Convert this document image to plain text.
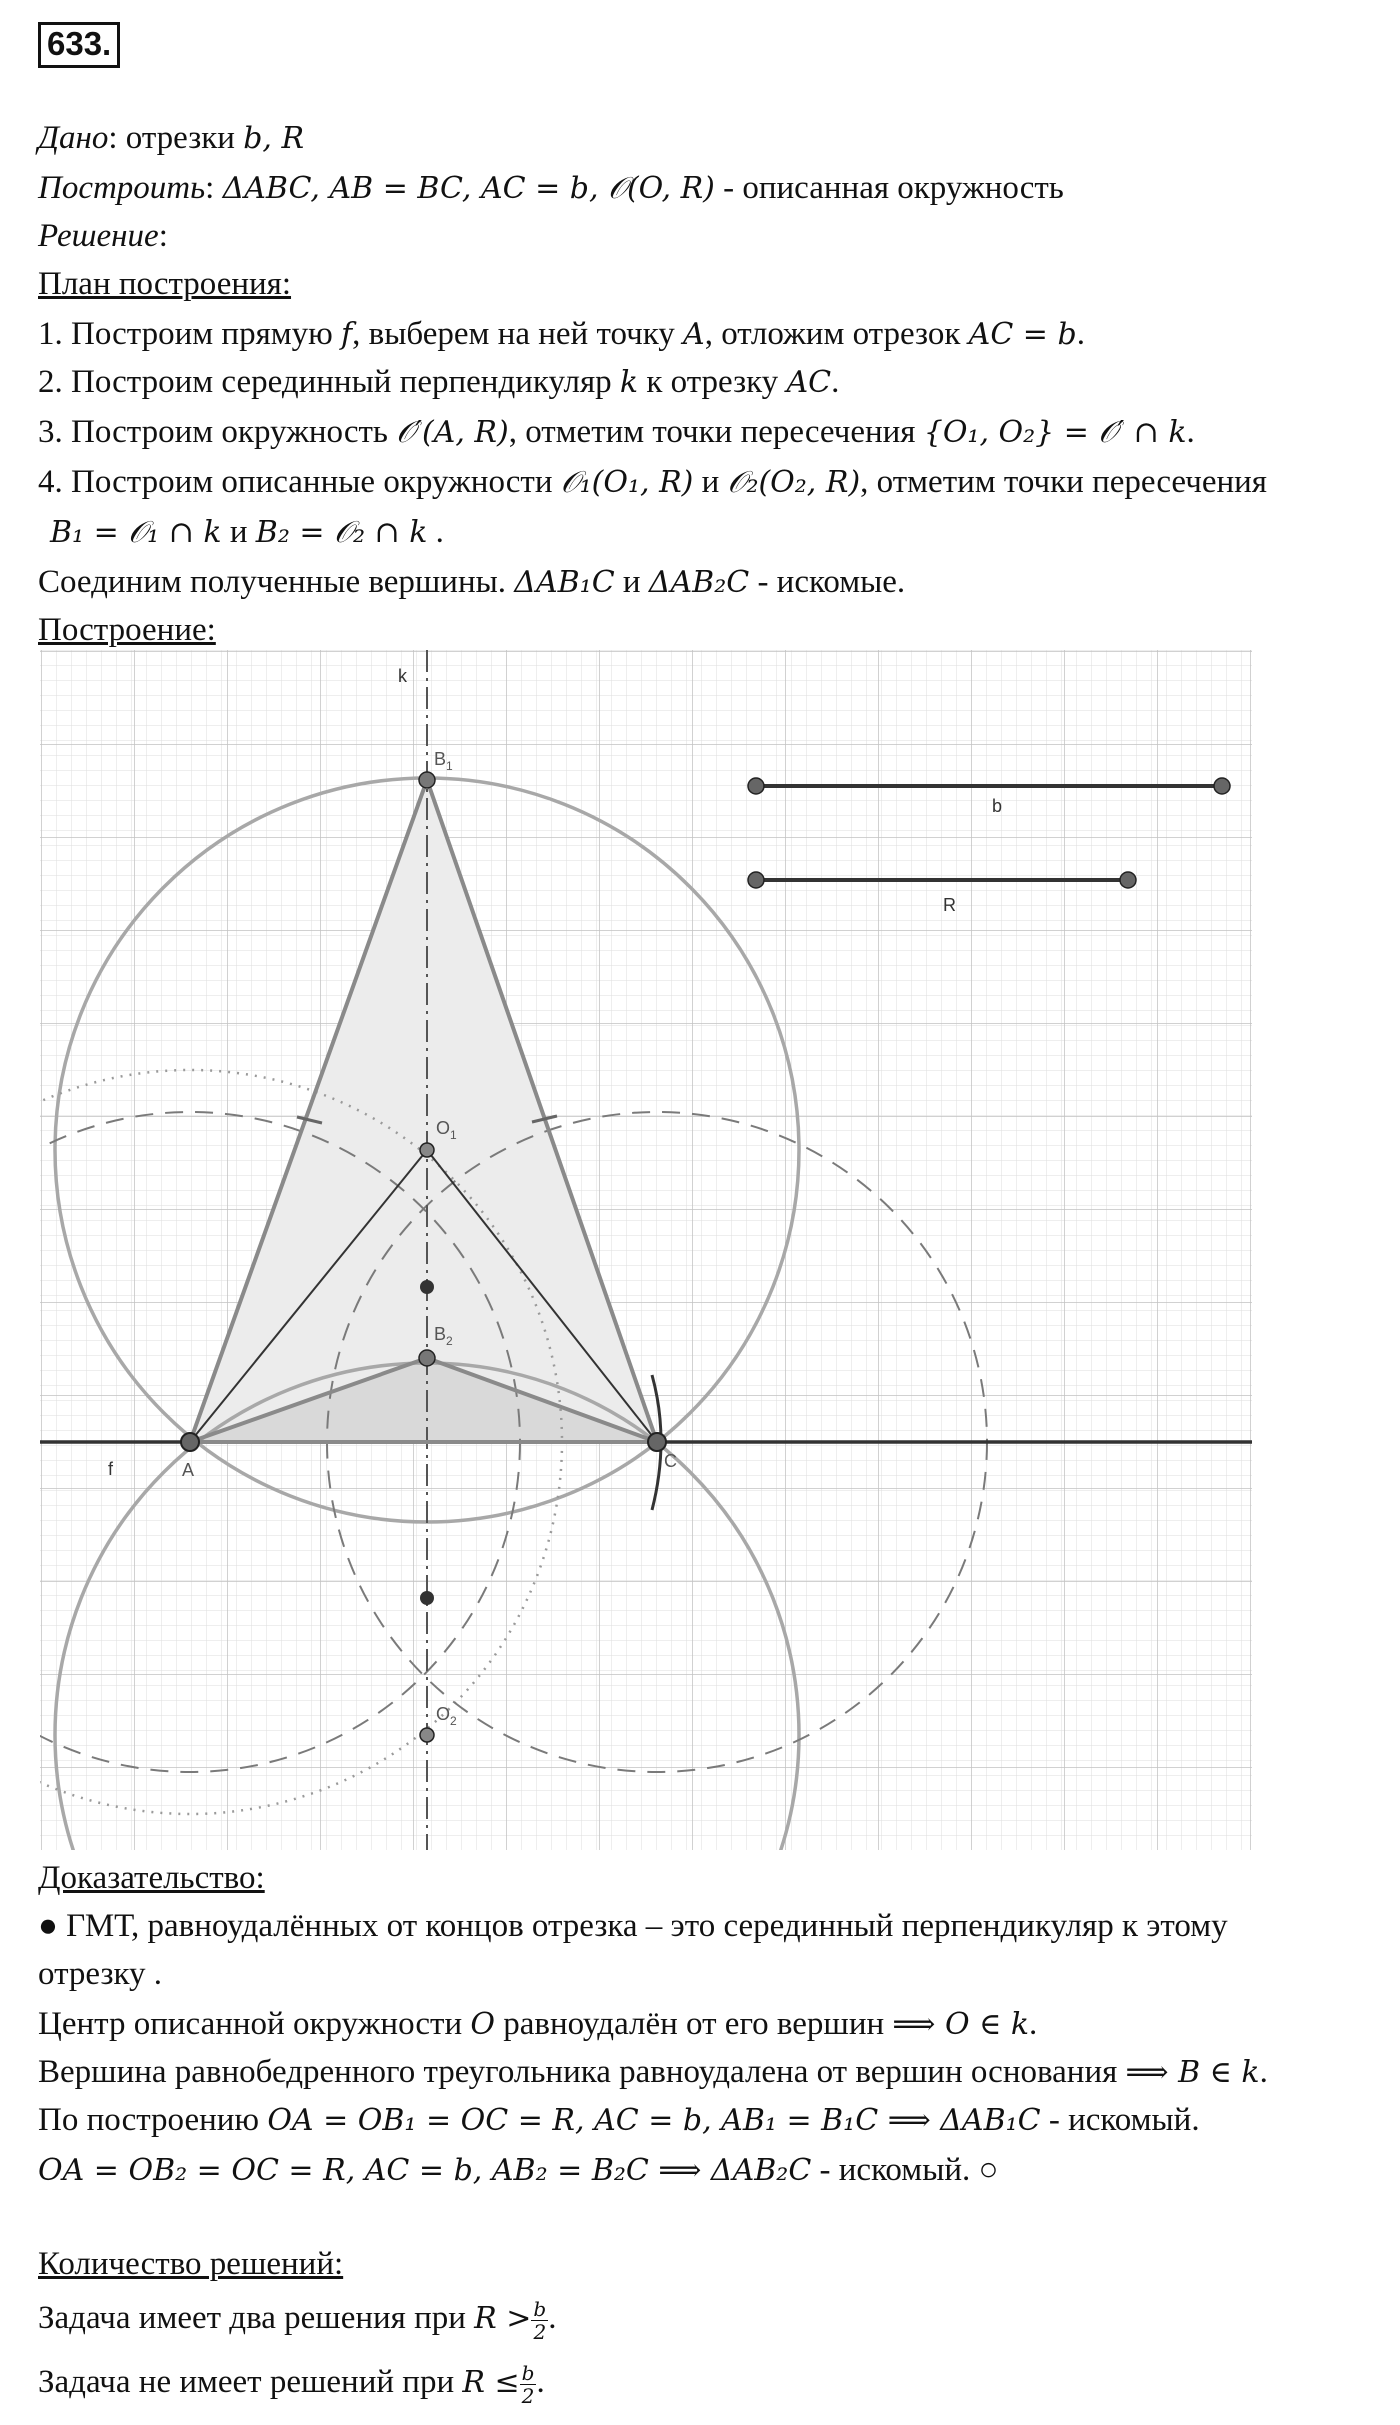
633.
Дано: отрезки b, R
Построить: ΔABC, AB = BC, AC = b, 𝒪(O, R) - описанная окружность
Решение:
План построения:
1. Построим прямую f, выберем на ней точку A, отложим отрезок AC = b.
2. Построим серединный перпендикуляр k к отрезку AC.
3. Построим окружность 𝒪′(A, R), отметим точки пересечения {O₁, O₂} = 𝒪′ ∩ k.
4. Построим описанные окружности 𝒪₁(O₁, R) и 𝒪₂(O₂, R), отметим точки пересечения
B₁ = 𝒪₁ ∩ k и B₂ = 𝒪₂ ∩ k .
Соединим полученные вершины. ΔAB₁C и ΔAB₂C - искомые.
Построение:
k
f	A	C
$B_1$
$B_2$
$O_1$
$O_2$
b
R
Доказательство:
● ГМТ, равноудалённых от концов отрезка – это серединный перпендикуляр к этому
отрезку .
Центр описанной окружности O равноудалён от его вершин ⟹ O ∈ k.
Вершина равнобедренного треугольника равноудалена от вершин основания ⟹ B ∈ k.
По построению OA = OB₁ = OC = R, AC = b, AB₁ = B₁C ⟹ ΔAB₁C - искомый.
OA = OB₂ = OC = R, AC = b, AB₂ = B₂C ⟹ ΔAB₂C - искомый. ○
Количество решений:
Задача имеет два решения при $R > \frac{b}{2}$ .
Задача не имеет решений при $R \le \frac{b}{2}$ .
